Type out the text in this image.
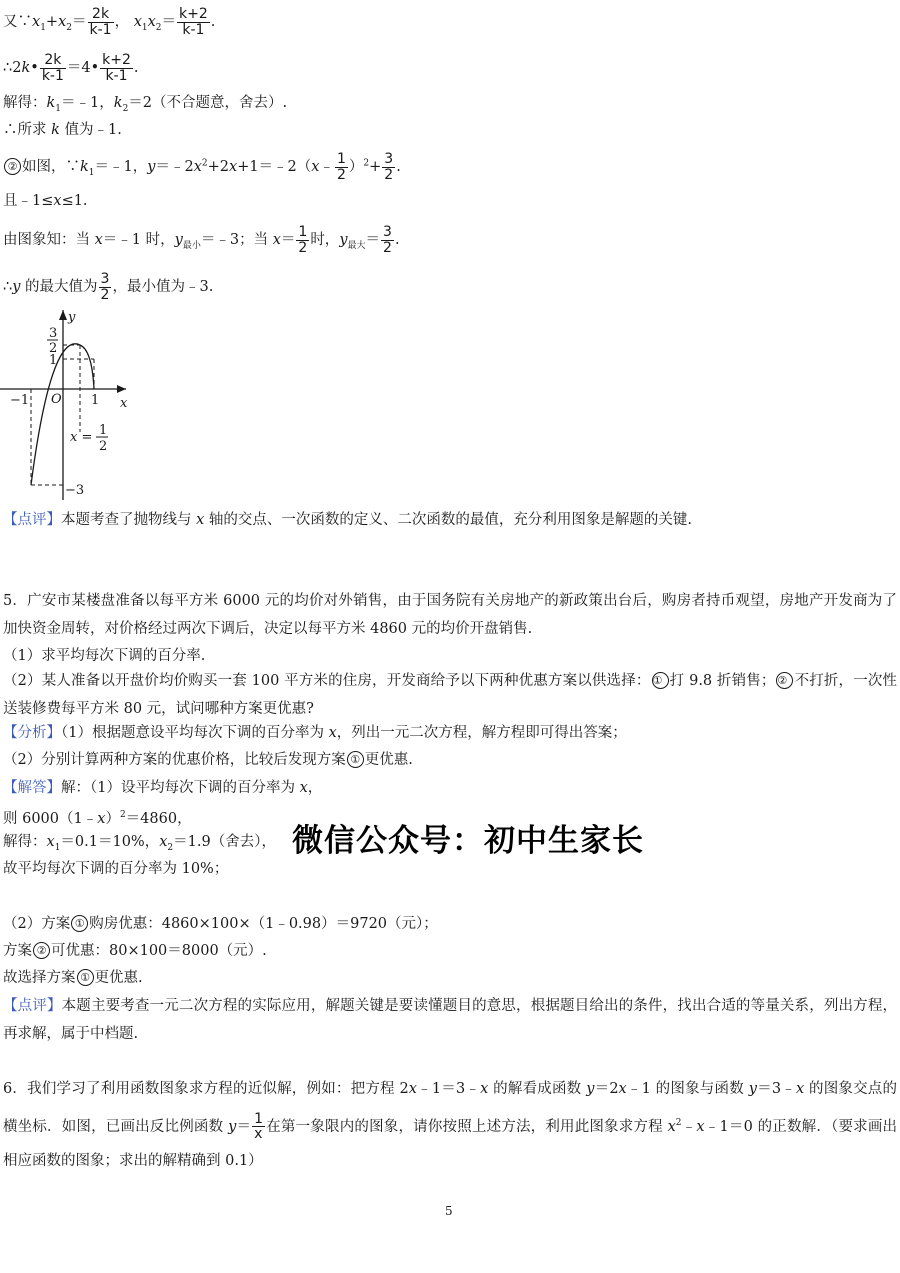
又$\because x_1+x_2= \frac{2k}{k-1}$ ， $x_1x_2= \frac{k+2}{k-1}$ .
∴2k• $\frac{2k}{k-1}$ ＝4• $\frac{k+2}{k-1}$ .
解得：$k_1=﹣1$，$k_2=2$（不合题意，舍去）.
∴所求 k 值为﹣1.
② 如图，$\because k_1=﹣1$，$y=﹣2x^2+2x+1=﹣2(x﹣ \frac{1}{2} )^2+ \frac{3}{2}$ .
且﹣1≤x≤1.
由图象知：当 x＝﹣1 时，$y_{最小}=﹣3$；当 $x= \frac{1}{2}$ 时，$y_{最大}= \frac{3}{2}$ .
∴y 的最大值为 $\frac{3}{2}$ ，最小值为﹣3.
y
x
O
−1	1
1
3
2
−3
x = 1
2
【点评】本题考查了抛物线与 x 轴的交点、一次函数的定义、二次函数的最值，充分利用图象是解题的关键.
5．广安市某楼盘准备以每平方米 6000 元的均价对外销售，由于国务院有关房地产的新政策出台后，购房者持币观望，房地产开发商为了加快资金周转，对价格经过两次下调后，决定以每平方米 4860 元的均价开盘销售.
（1）求平均每次下调的百分率.
（2）某人准备以开盘价均价购买一套 100 平方米的住房，开发商给予以下两种优惠方案以供选择： ① 打 9.8 折销售； ② 不打折，一次性送装修费每平方米 80 元，试问哪种方案更优惠?
【分析】（1）根据题意设平均每次下调的百分率为 x，列出一元二次方程，解方程即可得出答案；
（2）分别计算两种方案的优惠价格，比较后发现方案 ① 更优惠.
【解答】解：（1）设平均每次下调的百分率为 x，
则 6000（1﹣x）$^2$＝4860，
解得：$x_1=0.1=10\%$，$x_2=1.9$（舍去），
故平均每次下调的百分率为 10%；
（2）方案 ① 购房优惠：4860×100×（1﹣0.98）＝9720（元）；
方案 ② 可优惠：80×100＝8000（元）.
故选择方案 ① 更优惠.
【点评】本题主要考查一元二次方程的实际应用，解题关键是要读懂题目的意思，根据题目给出的条件，找出合适的等量关系，列出方程，再求解，属于中档题.
6．我们学习了利用函数图象求方程的近似解，例如：把方程 2x﹣1＝3﹣x 的解看成函数 y＝2x﹣1 的图象与函数 y＝3﹣x 的图象交点的横坐标．如图，已画出反比例函数 $y= \frac{1}{x}$ 在第一象限内的图象，请你按照上述方法，利用此图象求方程 $x^2﹣x﹣1=0$ 的正数解．（要求画出相应函数的图象；求出的解精确到 0.1）
微信公众号：初中生家长
5
